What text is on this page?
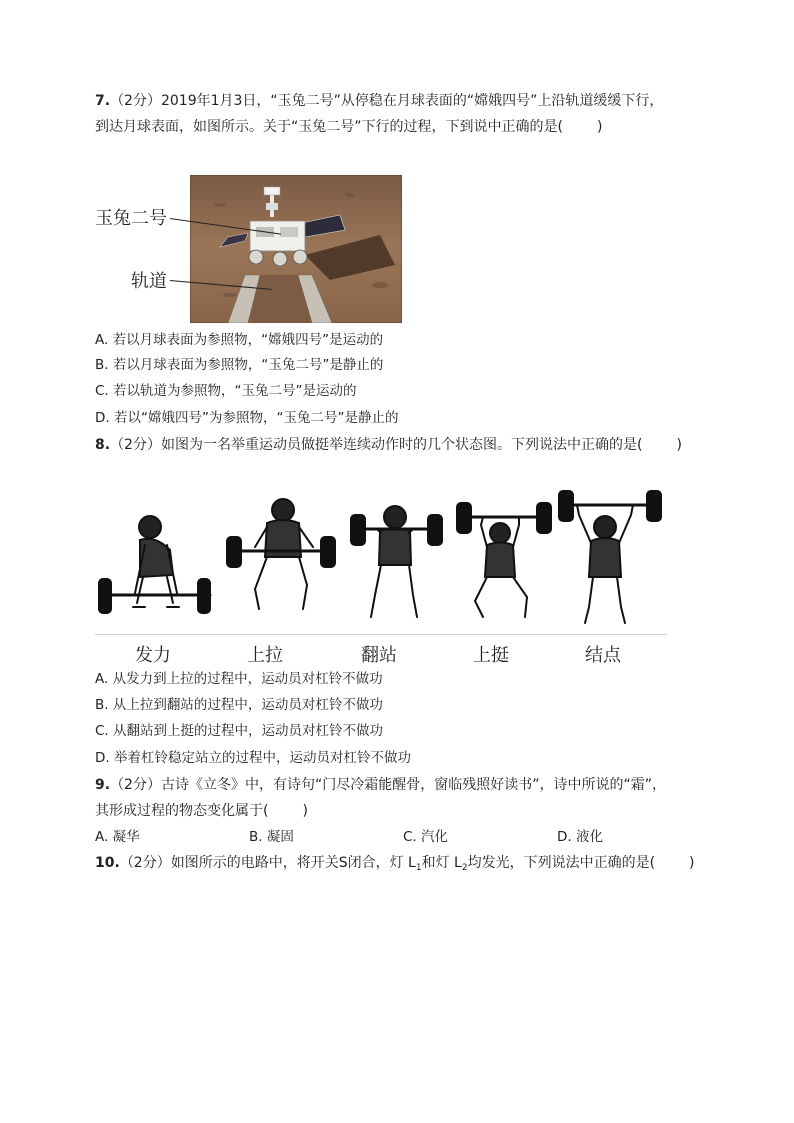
7.（2分）2019年1月3日，“玉兔二号”从停稳在月球表面的“嫦娥四号”上沿轨道缓缓下行，
到达月球表面，如图所示。关于“玉兔二号”下行的过程，下到说中正确的是( )
玉兔二号
轨道
A. 若以月球表面为参照物，“嫦娥四号”是运动的
B. 若以月球表面为参照物，“玉兔二号”是静止的
C. 若以轨道为参照物，“玉兔二号”是运动的
D. 若以“嫦娥四号”为参照物，“玉兔二号”是静止的
8.（2分）如图为一名举重运动员做挺举连续动作时的几个状态图。下列说法中正确的是( )
发力	上拉	翻站	上挺	结点
A. 从发力到上拉的过程中，运动员对杠铃不做功
B. 从上拉到翻站的过程中，运动员对杠铃不做功
C. 从翻站到上挺的过程中，运动员对杠铃不做功
D. 举着杠铃稳定站立的过程中，运动员对杠铃不做功
9.（2分）古诗《立冬》中，有诗句“门尽冷霜能醒骨，窗临残照好读书”，诗中所说的“霜”，
其形成过程的物态变化属于( )
A. 凝华	B. 凝固	C. 汽化	D. 液化
10.（2分）如图所示的电路中，将开关S闭合，灯 $L_1$和灯 $L_2$均发光，下列说法中正确的是( )
